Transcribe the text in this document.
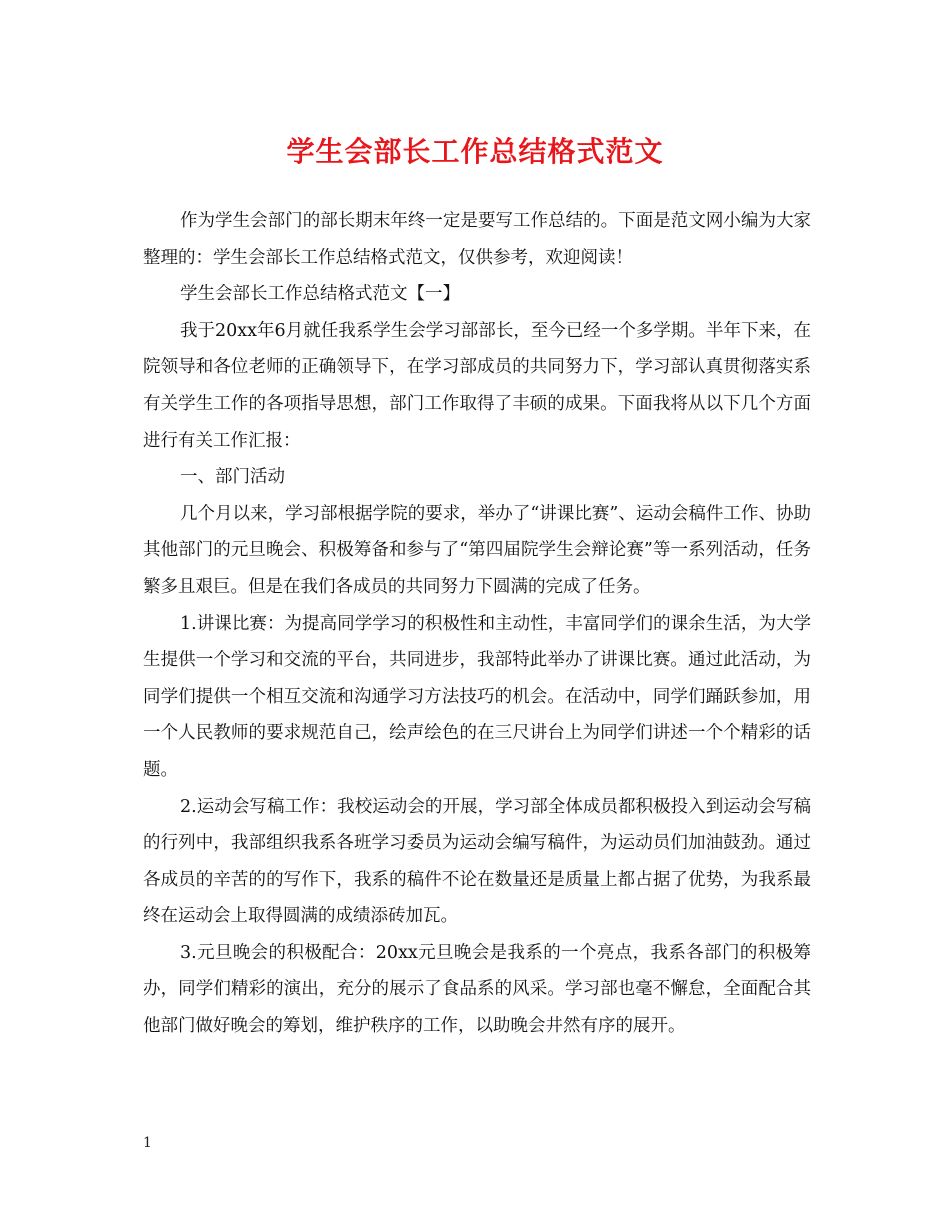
学生会部长工作总结格式范文

作为学生会部门的部长期末年终一定是要写工作总结的。下面是范文网小编为大家整理的：学生会部长工作总结格式范文，仅供参考，欢迎阅读！

学生会部长工作总结格式范文【一】

我于20xx年6月就任我系学生会学习部部长，至今已经一个多学期。半年下来，在院领导和各位老师的正确领导下，在学习部成员的共同努力下，学习部认真贯彻落实系有关学生工作的各项指导思想，部门工作取得了丰硕的成果。下面我将从以下几个方面进行有关工作汇报：

一、部门活动

几个月以来，学习部根据学院的要求，举办了“讲课比赛”、运动会稿件工作、协助其他部门的元旦晚会、积极筹备和参与了“第四届院学生会辩论赛”等一系列活动，任务繁多且艰巨。但是在我们各成员的共同努力下圆满的完成了任务。

1.讲课比赛：为提高同学学习的积极性和主动性，丰富同学们的课余生活，为大学生提供一个学习和交流的平台，共同进步，我部特此举办了讲课比赛。通过此活动，为同学们提供一个相互交流和沟通学习方法技巧的机会。在活动中，同学们踊跃参加，用一个人民教师的要求规范自己，绘声绘色的在三尺讲台上为同学们讲述一个个精彩的话题。

2.运动会写稿工作：我校运动会的开展，学习部全体成员都积极投入到运动会写稿的行列中，我部组织我系各班学习委员为运动会编写稿件，为运动员们加油鼓劲。通过各成员的辛苦的的写作下，我系的稿件不论在数量还是质量上都占据了优势，为我系最终在运动会上取得圆满的成绩添砖加瓦。

3.元旦晚会的积极配合：20xx元旦晚会是我系的一个亮点，我系各部门的积极筹办，同学们精彩的演出，充分的展示了食品系的风采。学习部也毫不懈怠，全面配合其他部门做好晚会的筹划，维护秩序的工作，以助晚会井然有序的展开。

1
